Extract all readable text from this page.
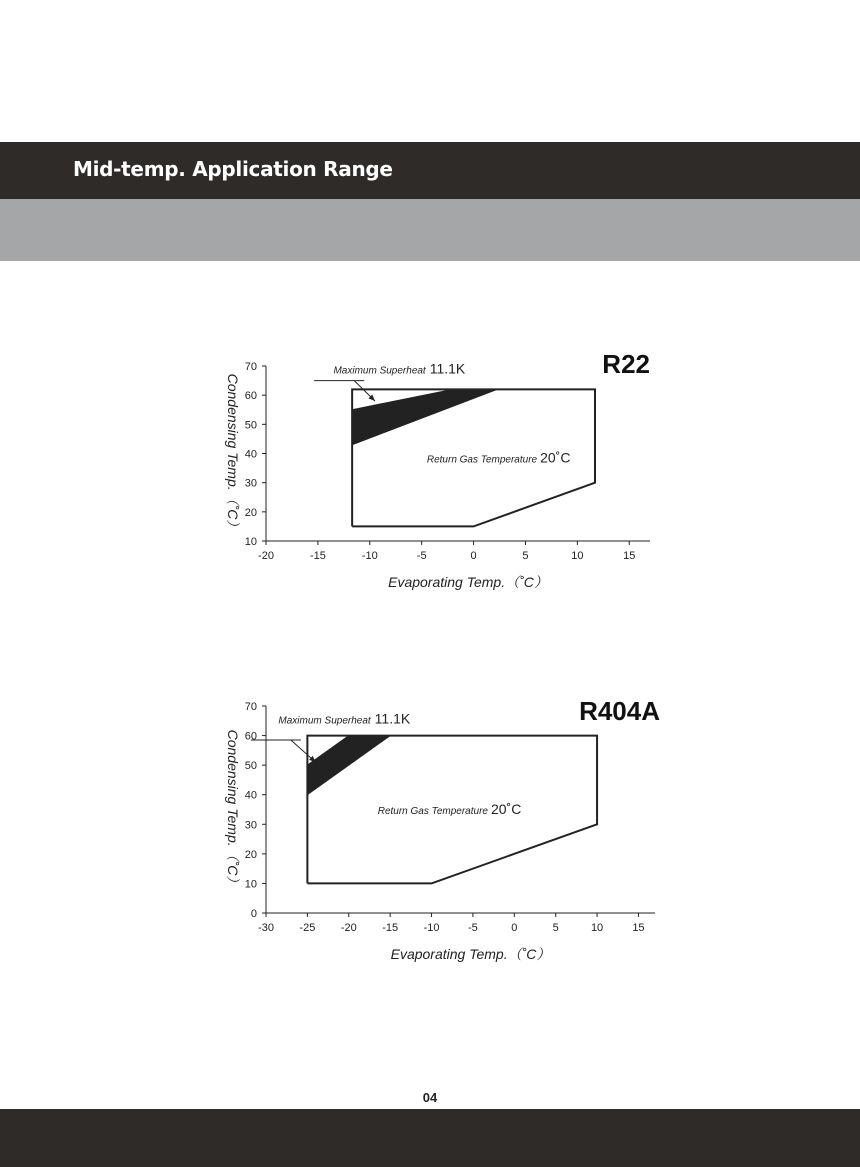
Mid-temp. Application Range
-20	-15	-10	-5	0	5	10	15
10
20
30
40
50
60
70	Maximum Superheat 11.1K
Return Gas Temperature 20˚C
R22
Evaporating Temp.（˚C）
Condensing Temp.（˚C）
-30 -25 -20 -15 -10	-5	0	5	10	15
0
10
20
30
40
50
60
70
Maximum Superheat 11.1K
Return Gas Temperature 20˚C
R404A
Evaporating Temp.（˚C）
Condensing Temp.（˚C）
04
